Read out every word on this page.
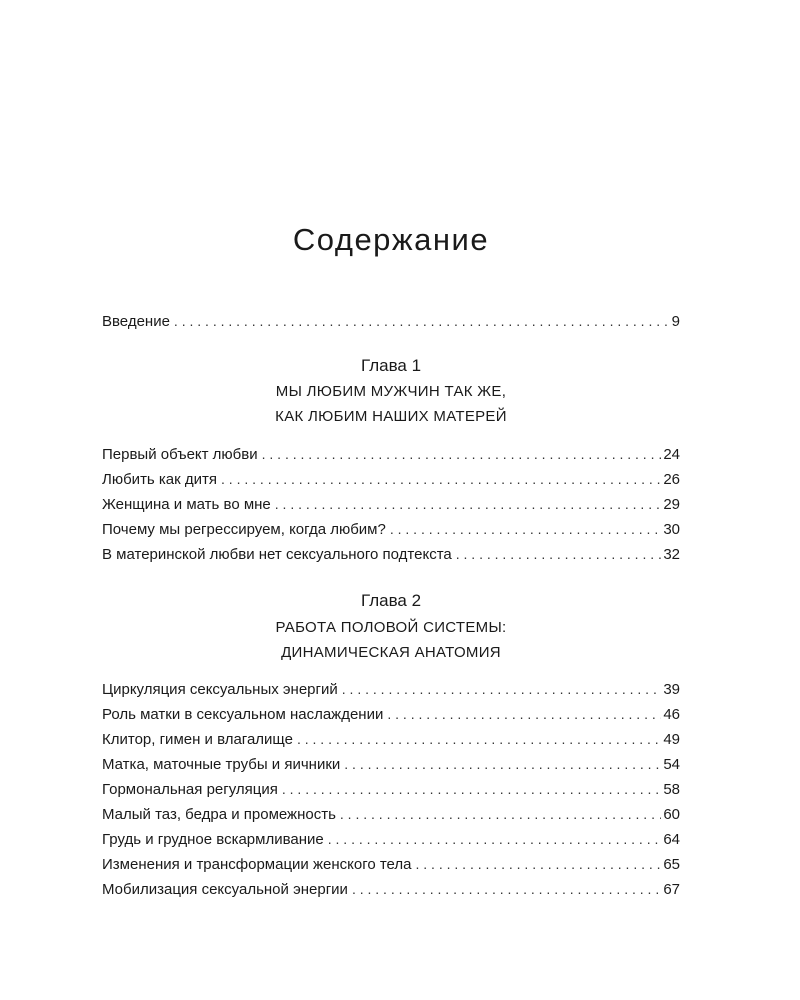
Содержание
Введение . . .	9
Глава 1
МЫ ЛЮБИМ МУЖЧИН ТАК ЖЕ,
КАК ЛЮБИМ НАШИХ МАТЕРЕЙ
Первый объект любви . . .	24
Любить как дитя . . .	26
Женщина и мать во мне . . .	29
Почему мы регрессируем, когда любим? . . .	30
В материнской любви нет сексуального подтекста . . .	32
Глава 2
РАБОТА ПОЛОВОЙ СИСТЕМЫ:
ДИНАМИЧЕСКАЯ АНАТОМИЯ
Циркуляция сексуальных энергий . . .	39
Роль матки в сексуальном наслаждении . . .	46
Клитор, гимен и влагалище . . .	49
Матка, маточные трубы и яичники . . .	54
Гормональная регуляция . . .	58
Малый таз, бедра и промежность . . .	60
Грудь и грудное вскармливание . . .	64
Изменения и трансформации женского тела . . .	65
Мобилизация сексуальной энергии . . .	67
